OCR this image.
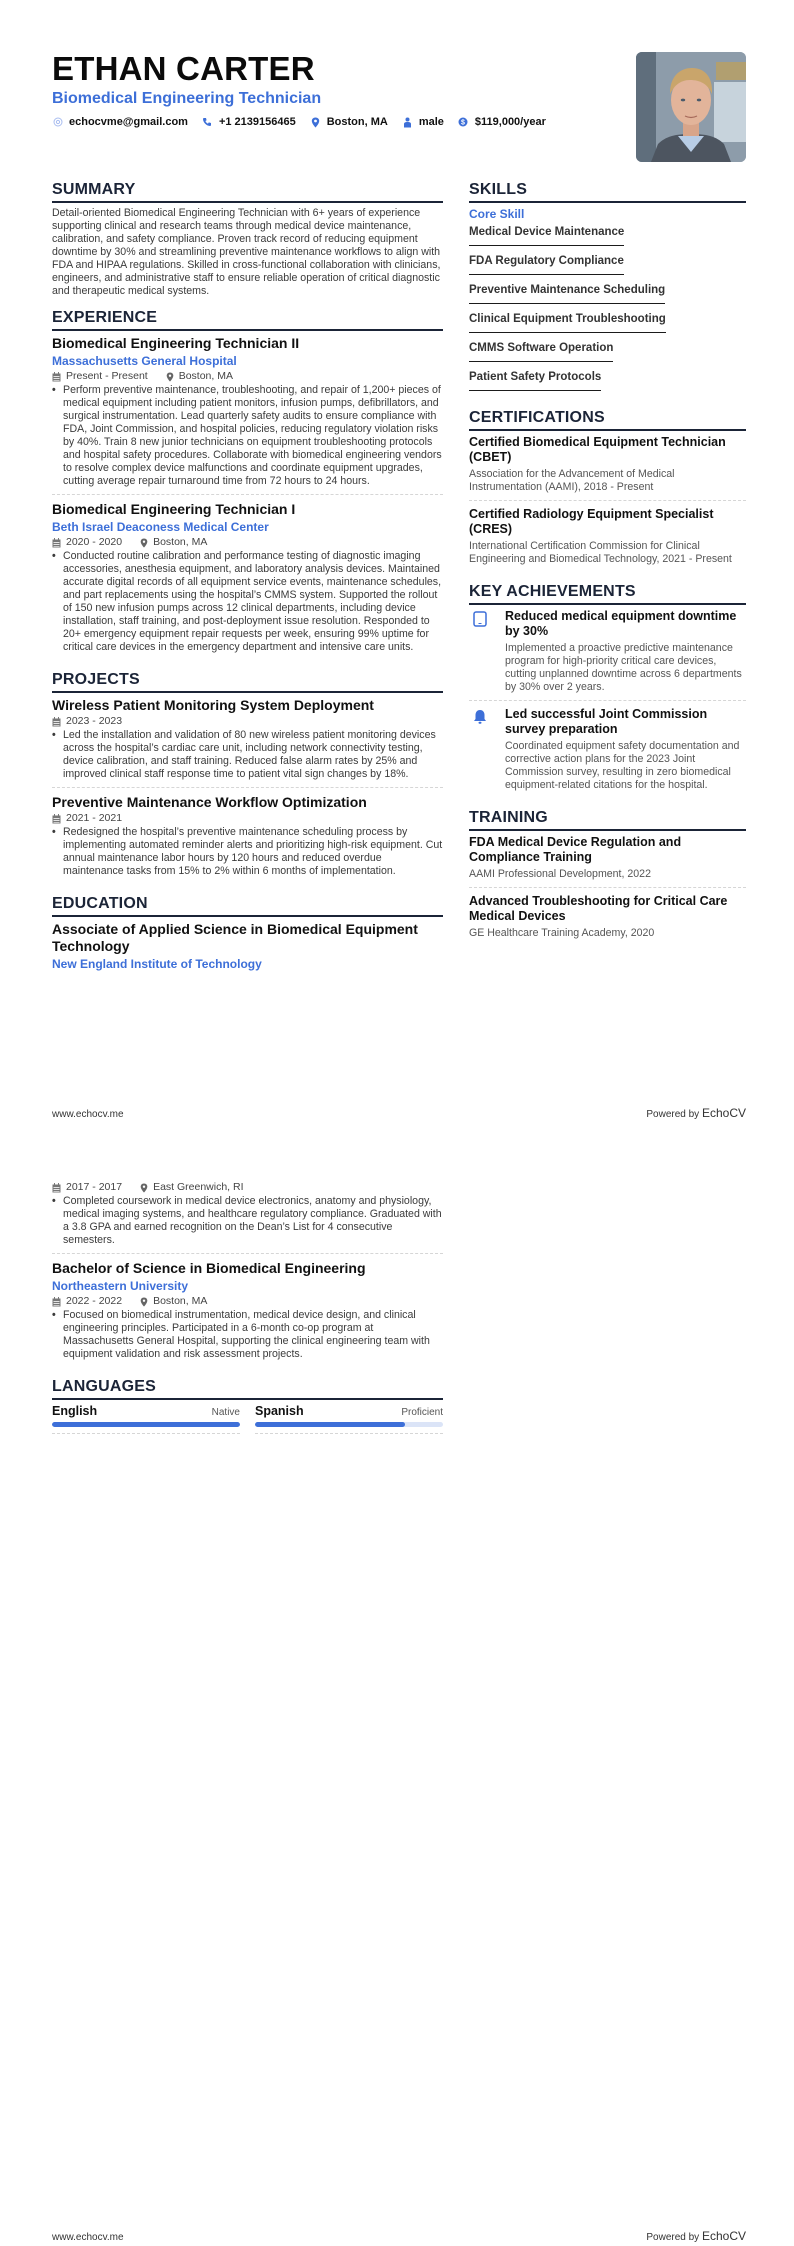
ETHAN CARTER
Biomedical Engineering Technician
echocvme@gmail.com	+1 2139156465	Boston, MA	male	$ $119,000/year
SUMMARY
Detail-oriented Biomedical Engineering Technician with 6+ years of experience supporting clinical and research teams through medical device maintenance, calibration, and safety compliance. Proven track record of reducing equipment downtime by 30% and streamlining preventive maintenance workflows to align with FDA and HIPAA regulations. Skilled in cross-functional collaboration with clinicians, engineers, and administrative staff to ensure reliable operation of critical diagnostic and therapeutic medical systems.
EXPERIENCE
Biomedical Engineering Technician II
Massachusetts General Hospital
Present - Present	Boston, MA
• Perform preventive maintenance, troubleshooting, and repair of 1,200+ pieces of medical equipment including patient monitors, infusion pumps, defibrillators, and surgical instrumentation. Lead quarterly safety audits to ensure compliance with FDA, Joint Commission, and hospital policies, reducing regulatory violation risks by 40%. Train 8 new junior technicians on equipment troubleshooting protocols and hospital safety procedures. Collaborate with biomedical engineering vendors to resolve complex device malfunctions and coordinate equipment upgrades, cutting average repair turnaround time from 72 hours to 24 hours.
Biomedical Engineering Technician I
Beth Israel Deaconess Medical Center
2020 - 2020	Boston, MA
• Conducted routine calibration and performance testing of diagnostic imaging accessories, anesthesia equipment, and laboratory analysis devices. Maintained accurate digital records of all equipment service events, maintenance schedules, and part replacements using the hospital’s CMMS system. Supported the rollout of 150 new infusion pumps across 12 clinical departments, including device installation, staff training, and post-deployment issue resolution. Responded to 20+ emergency equipment repair requests per week, ensuring 99% uptime for critical care devices in the emergency department and intensive care units.
PROJECTS
Wireless Patient Monitoring System Deployment
2023 - 2023
• Led the installation and validation of 80 new wireless patient monitoring devices across the hospital’s cardiac care unit, including network connectivity testing, device calibration, and staff training. Reduced false alarm rates by 25% and improved clinical staff response time to patient vital sign changes by 18%.
Preventive Maintenance Workflow Optimization
2021 - 2021
• Redesigned the hospital’s preventive maintenance scheduling process by implementing automated reminder alerts and prioritizing high-risk equipment. Cut annual maintenance labor hours by 120 hours and reduced overdue maintenance tasks from 15% to 2% within 6 months of implementation.
EDUCATION
Associate of Applied Science in Biomedical Equipment Technology
New England Institute of Technology
SKILLS
Core Skill
Medical Device Maintenance
FDA Regulatory Compliance
Preventive Maintenance Scheduling
Clinical Equipment Troubleshooting
CMMS Software Operation
Patient Safety Protocols
CERTIFICATIONS
Certified Biomedical Equipment Technician (CBET)
Association for the Advancement of Medical Instrumentation (AAMI), 2018 - Present
Certified Radiology Equipment Specialist (CRES)
International Certification Commission for Clinical Engineering and Biomedical Technology, 2021 - Present
KEY ACHIEVEMENTS
Reduced medical equipment downtime by 30%
Implemented a proactive predictive maintenance program for high-priority critical care devices, cutting unplanned downtime across 6 departments by 30% over 2 years.
Led successful Joint Commission survey preparation
Coordinated equipment safety documentation and corrective action plans for the 2023 Joint Commission survey, resulting in zero biomedical equipment-related citations for the hospital.
TRAINING
FDA Medical Device Regulation and Compliance Training
AAMI Professional Development, 2022
Advanced Troubleshooting for Critical Care Medical Devices
GE Healthcare Training Academy, 2020
www.echocv.me	Powered by EchoCV
2017 - 2017	East Greenwich, RI
• Completed coursework in medical device electronics, anatomy and physiology, medical imaging systems, and healthcare regulatory compliance. Graduated with a 3.8 GPA and earned recognition on the Dean’s List for 4 consecutive semesters.
Bachelor of Science in Biomedical Engineering
Northeastern University
2022 - 2022	Boston, MA
• Focused on biomedical instrumentation, medical device design, and clinical engineering principles. Participated in a 6-month co-op program at Massachusetts General Hospital, supporting the clinical engineering team with equipment validation and risk assessment projects.
LANGUAGES
English	Native Spanish	Proficient
www.echocv.me	Powered by EchoCV
